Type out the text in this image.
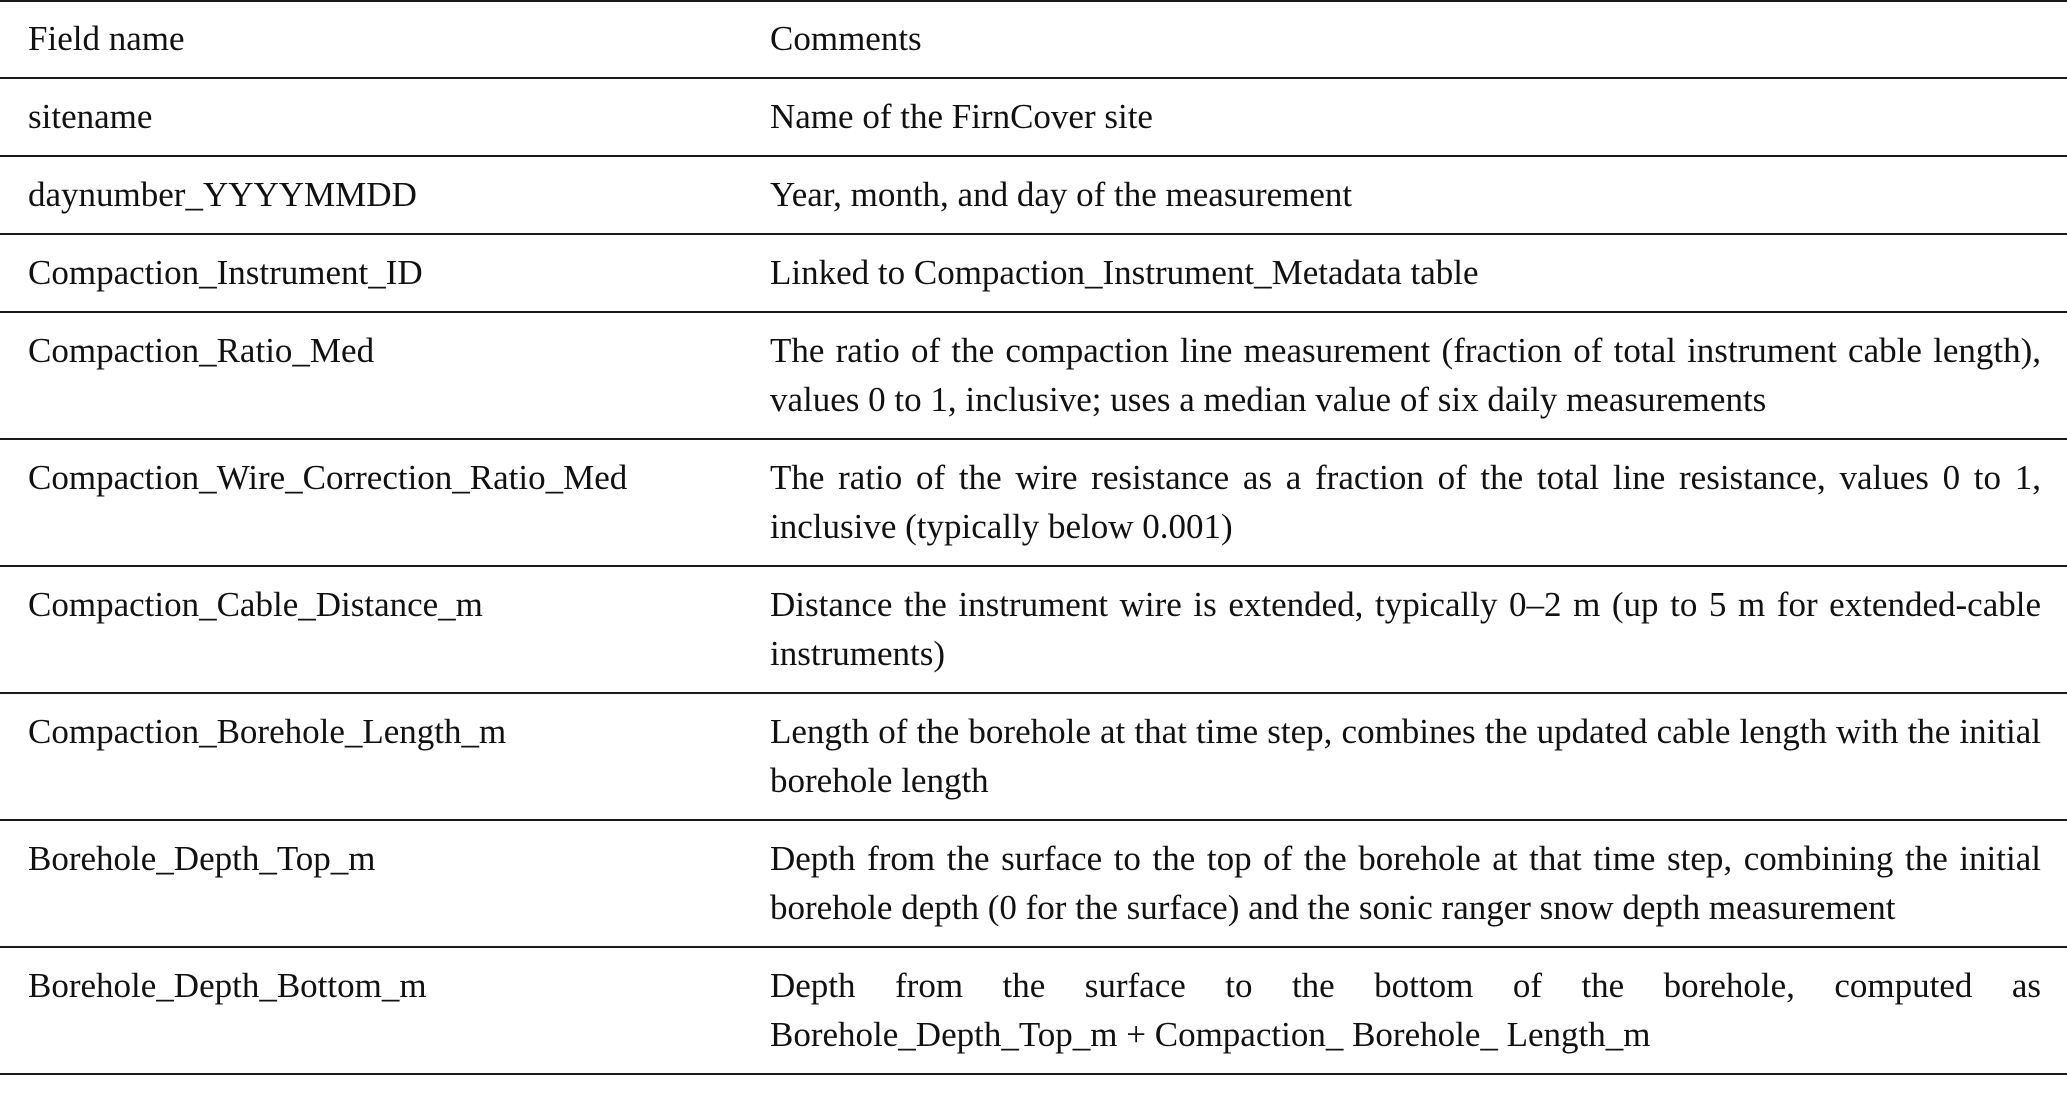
Field name	Comments
sitename	Name of the FirnCover site
daynumber_YYYYMMDD	Year, month, and day of the measurement
Compaction_Instrument_ID	Linked to Compaction_Instrument_Metadata table
Compaction_Ratio_Med	The ratio of the compaction line measurement (fraction of total instrument cable length), values 0 to 1, inclusive; uses a median value of six daily measurements
Compaction_Wire_Correction_Ratio_Med	The ratio of the wire resistance as a fraction of the total line resistance, values 0 to 1, inclusive (typically below 0.001)
Compaction_Cable_Distance_m	Distance the instrument wire is extended, typically 0–2 m (up to 5 m for extended-cable instruments)
Compaction_Borehole_Length_m	Length of the borehole at that time step, combines the updated cable length with the initial borehole length
Borehole_Depth_Top_m	Depth from the surface to the top of the borehole at that time step, combining the initial borehole depth (0 for the surface) and the sonic ranger snow depth measurement
Borehole_Depth_Bottom_m	Depth from the surface to the bottom of the borehole, computed as Borehole_Depth_Top_m + Compaction_ Borehole_ Length_m
